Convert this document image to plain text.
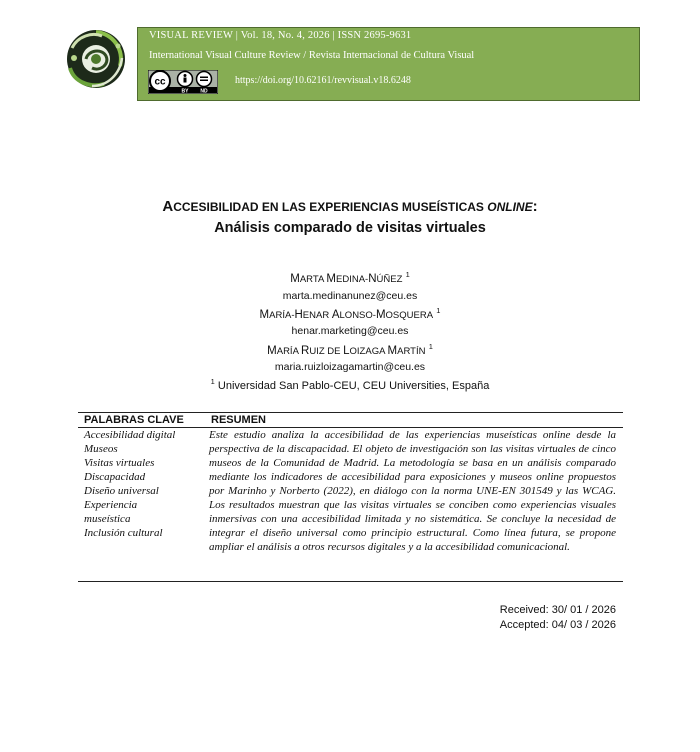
VISUAL REVIEW | Vol. 18, No. 4, 2026 | ISSN 2695-9631
International Visual Culture Review / Revista Internacional de Cultura Visual
cc
BY ND
https://doi.org/10.62161/revvisual.v18.6248
ACCESIBILIDAD EN LAS EXPERIENCIAS MUSEÍSTICAS ONLINE:
Análisis comparado de visitas virtuales
MARTA MEDINA-NÚÑEZ $^1$
marta.medinanunez@ceu.es
MARÍA-HENAR ALONSO-MOSQUERA $^1$
henar.marketing@ceu.es
MARÍA RUIZ DE LOIZAGA MARTÍN $^1$
maria.ruizloizagamartin@ceu.es
$^1$ Universidad San Pablo-CEU, CEU Universities, España
PALABRAS CLAVE RESUMEN
Accesibilidad digital
Museos
Visitas virtuales
Discapacidad
Diseño universal
Experiencia
museística
Inclusión cultural
Este estudio analiza la accesibilidad de las experiencias museísticas online desde la perspectiva de la discapacidad. El objeto de investigación son las visitas virtuales de cinco museos de la Comunidad de Madrid. La metodología se basa en un análisis comparado mediante los indicadores de accesibilidad para exposiciones y museos online propuestos por Marinho y Norberto (2022), en diálogo con la norma UNE-EN 301549 y las WCAG. Los resultados muestran que las visitas virtuales se conciben como experiencias visuales inmersivas con una accesibilidad limitada y no sistemática. Se concluye la necesidad de integrar el diseño universal como principio estructural. Como línea futura, se propone ampliar el análisis a otros recursos digitales y a la accesibilidad comunicacional.
Received: 30/ 01 / 2026
Accepted: 04/ 03 / 2026
